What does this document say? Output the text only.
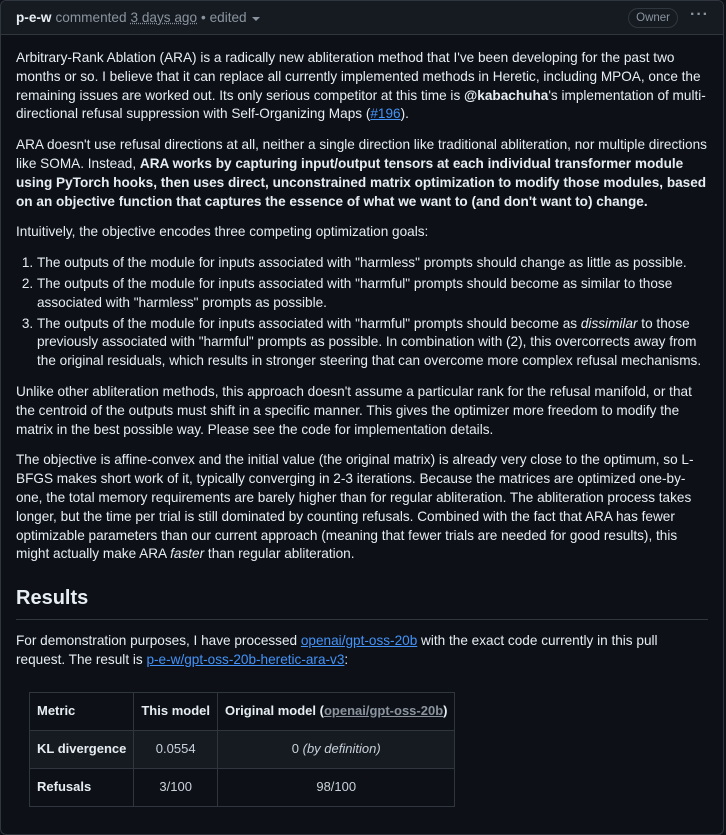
p-e-w commented 3 days ago • edited	Owner	···

Arbitrary-Rank Ablation (ARA) is a radically new abliteration method that I've been developing for the past two months or so. I believe that it can replace all currently implemented methods in Heretic, including MPOA, once the remaining issues are worked out. Its only serious competitor at this time is @kabachuha's implementation of multi-directional refusal suppression with Self-Organizing Maps (#196).

ARA doesn't use refusal directions at all, neither a single direction like traditional abliteration, nor multiple directions like SOMA. Instead, ARA works by capturing input/output tensors at each individual transformer module using PyTorch hooks, then uses direct, unconstrained matrix optimization to modify those modules, based on an objective function that captures the essence of what we want to (and don't want to) change.

Intuitively, the objective encodes three competing optimization goals:

1. The outputs of the module for inputs associated with "harmless" prompts should change as little as possible.
2. The outputs of the module for inputs associated with "harmful" prompts should become as similar to those associated with "harmless" prompts as possible.
3. The outputs of the module for inputs associated with "harmful" prompts should become as dissimilar to those previously associated with "harmful" prompts as possible. In combination with (2), this overcorrects away from the original residuals, which results in stronger steering that can overcome more complex refusal mechanisms.

Unlike other abliteration methods, this approach doesn't assume a particular rank for the refusal manifold, or that the centroid of the outputs must shift in a specific manner. This gives the optimizer more freedom to modify the matrix in the best possible way. Please see the code for implementation details.

The objective is affine-convex and the initial value (the original matrix) is already very close to the optimum, so L-BFGS makes short work of it, typically converging in 2-3 iterations. Because the matrices are optimized one-by-one, the total memory requirements are barely higher than for regular abliteration. The abliteration process takes longer, but the time per trial is still dominated by counting refusals. Combined with the fact that ARA has fewer optimizable parameters than our current approach (meaning that fewer trials are needed for good results), this might actually make ARA faster than regular abliteration.

Results

For demonstration purposes, I have processed openai/gpt-oss-20b with the exact code currently in this pull request. The result is p-e-w/gpt-oss-20b-heretic-ara-v3:

Metric	This model	Original model (openai/gpt-oss-20b)
KL divergence	0.0554	0 (by definition)
Refusals	3/100	98/100
